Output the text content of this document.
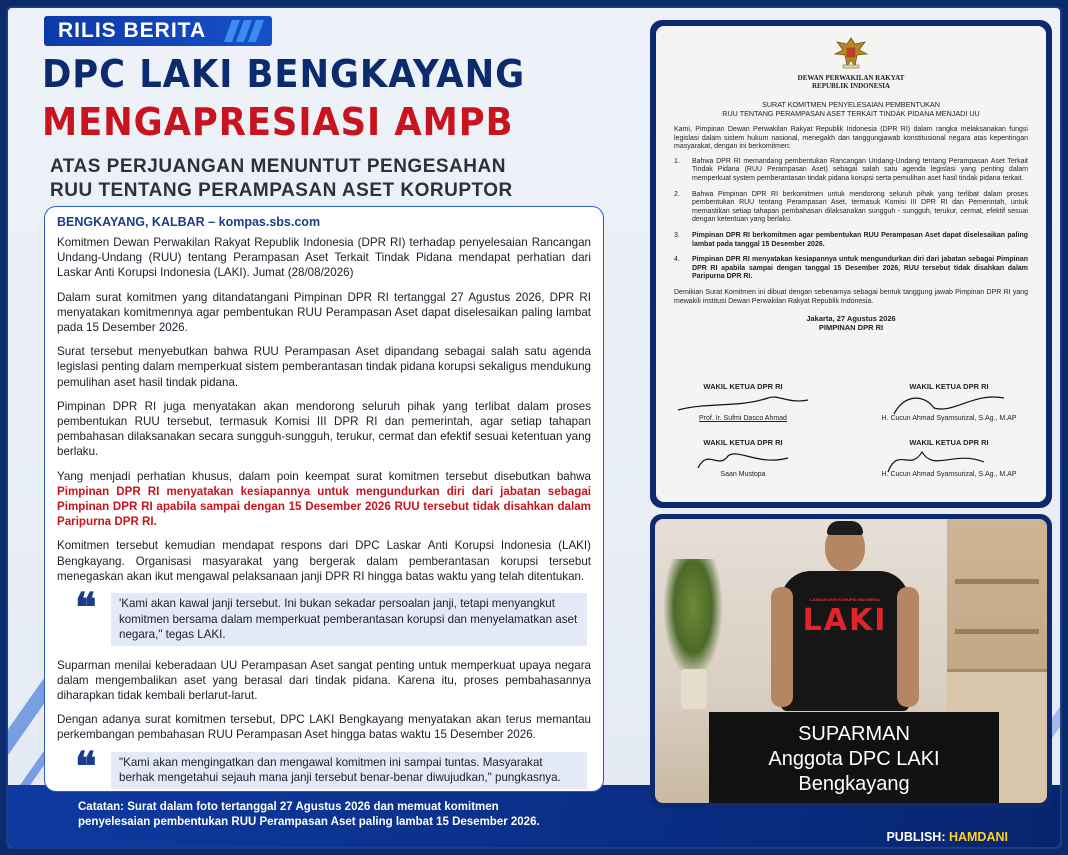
RILIS BERITA
DPC LAKI BENGKAYANG
MENGAPRESIASI AMPB
ATAS PERJUANGAN MENUNTUT PENGESAHAN
RUU TENTANG PERAMPASAN ASET KORUPTOR
BENGKAYANG, KALBAR – kompas.sbs.com

Komitmen Dewan Perwakilan Rakyat Republik Indonesia (DPR RI) terhadap penyelesaian Rancangan Undang-Undang (RUU) tentang Perampasan Aset Terkait Tindak Pidana mendapat perhatian dari Laskar Anti Korupsi Indonesia (LAKI). Jumat (28/08/2026)

Dalam surat komitmen yang ditandatangani Pimpinan DPR RI tertanggal 27 Agustus 2026, DPR RI menyatakan komitmennya agar pembentukan RUU Perampasan Aset dapat diselesaikan paling lambat pada 15 Desember 2026.

Surat tersebut menyebutkan bahwa RUU Perampasan Aset dipandang sebagai salah satu agenda legislasi penting dalam memperkuat sistem pemberantasan tindak pidana korupsi sekaligus mendukung pemulihan aset hasil tindak pidana.

Pimpinan DPR RI juga menyatakan akan mendorong seluruh pihak yang terlibat dalam proses pembentukan RUU tersebut, termasuk Komisi III DPR RI dan pemerintah, agar setiap tahapan pembahasan dilaksanakan secara sungguh-sungguh, terukur, cermat dan efektif sesuai ketentuan yang berlaku.

Yang menjadi perhatian khusus, dalam poin keempat surat komitmen tersebut disebutkan bahwa Pimpinan DPR RI menyatakan kesiapannya untuk mengundurkan diri dari jabatan sebagai Pimpinan DPR RI apabila sampai dengan 15 Desember 2026 RUU tersebut tidak disahkan dalam Paripurna DPR RI.

Komitmen tersebut kemudian mendapat respons dari DPC Laskar Anti Korupsi Indonesia (LAKI) Bengkayang. Organisasi masyarakat yang bergerak dalam pemberantasan korupsi tersebut menegaskan akan ikut mengawal pelaksanaan janji DPR RI hingga batas waktu yang telah ditentukan.

❝	'Kami akan kawal janji tersebut. Ini bukan sekadar persoalan janji, tetapi menyangkut komitmen bersama dalam memperkuat pemberantasan korupsi dan menyelamatkan aset negara," tegas LAKI.

Suparman menilai keberadaan UU Perampasan Aset sangat penting untuk memperkuat upaya negara dalam mengembalikan aset yang berasal dari tindak pidana. Karena itu, proses pembahasannya diharapkan tidak kembali berlarut-larut.

Dengan adanya surat komitmen tersebut, DPC LAKI Bengkayang menyatakan akan terus memantau perkembangan pembahasan RUU Perampasan Aset hingga batas waktu 15 Desember 2026.

❝	"Kami akan mengingatkan dan mengawal komitmen ini sampai tuntas. Masyarakat berhak mengetahui sejauh mana janji tersebut benar-benar diwujudkan," pungkasnya.
Catatan: Surat dalam foto tertanggal 27 Agustus 2026 dan memuat komitmen
penyelesaian pembentukan RUU Perampasan Aset paling lambat 15 Desember 2026.
DEWAN PERWAKILAN RAKYAT
REPUBLIK INDONESIA
SURAT KOMITMEN PENYELESAIAN PEMBENTUKAN
RUU TENTANG PERAMPASAN ASET TERKAIT TINDAK PIDANA MENJADI UU

Kami, Pimpinan Dewan Perwakilan Rakyat Republik Indonesia (DPR RI) dalam rangka melaksanakan fungsi legislasi dalam sistem hukum nasional, menegakh dan tanggungjawab konstitusional negara atas kepentingan masyarakat, dengan ini berkomitmen:

1.	Bahwa DPR RI memandang pembentukan Rancangan Undang-Undang tentang Perampasan Aset Terkait Tindak Pidana (RUU Perampasan Aset) sebagai salah satu agenda legislasi yang penting dalam memperkuat system pemberantasan tindak pidana korupsi serta pemulihan aset hasil tindak pidana terkait.
2.	Bahwa Pimpinan DPR RI berkomitmen untuk mendorong seluruh pihak yang terlibat dalam proses pembentukan RUU tentang Perampasan Aset, termasuk Komisi III DPR RI dan Pemerintah, untuk memastikan setiap tahapan pembahasan dilaksanakan sungguh - sungguh, terukur, cermat, efektif sesuai dengan ketentuan yang berlaku.
3.	Pimpinan DPR RI berkomitmen agar pembentukan RUU Perampasan Aset dapat diselesaikan paling lambat pada tanggal 15 Desember 2026.
4.	Pimpinan DPR RI menyatakan kesiapannya untuk mengundurkan diri dari jabatan sebagai Pimpinan DPR RI apabila sampai dengan tanggal 15 Desember 2026, RUU tersebut tidak disahkan dalam Paripurna DPR RI.

Demikian Surat Komitmen ini dibuat dengan sebenarnya sebagai bentuk tanggung jawab Pimpinan DPR RI yang mewakili institusi Dewan Perwakilan Rakyat Republik Indonesia.

Jakarta, 27 Agustus 2026
PIMPINAN DPR RI
WAKIL KETUA DPR RI
Prof. Ir. Sufmi Dasco Ahmad
WAKIL KETUA DPR RI
H. Cucun Ahmad Syamsurizal, S.Ag., M.AP
WAKIL KETUA DPR RI
Saan Mustopa
WAKIL KETUA DPR RI
H. Cucun Ahmad Syamsurizal, S.Ag., M.AP
LASKAR ANTI KORUPSI INDONESIA
LAKI
SUPARMAN
Anggota DPC LAKI
Bengkayang
PUBLISH: HAMDANI
